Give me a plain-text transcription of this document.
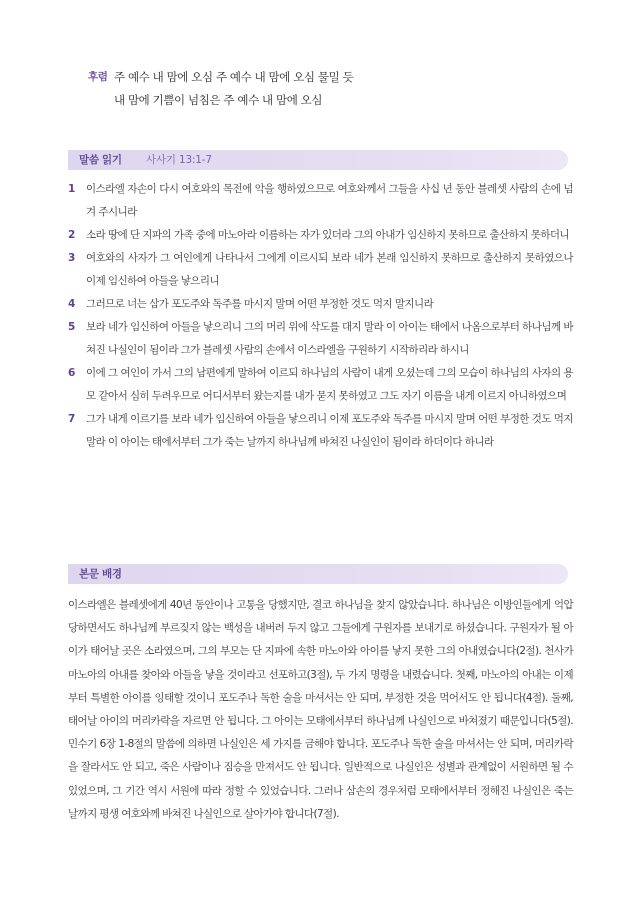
후렴 주 예수 내 맘에 오심 주 예수 내 맘에 오심 물밀 듯
내 맘에 기쁨이 넘침은 주 예수 내 맘에 오심
말씀 읽기 사사기 13:1-7
1	이스라엘 자손이 다시 여호와의 목전에 악을 행하였으므로 여호와께서 그들을 사십 년 동안 블레셋 사람의 손에 넘겨 주시니라
2	소라 땅에 단 지파의 가족 중에 마노아라 이름하는 자가 있더라 그의 아내가 임신하지 못하므로 출산하지 못하더니
3	여호와의 사자가 그 여인에게 나타나서 그에게 이르시되 보라 네가 본래 임신하지 못하므로 출산하지 못하였으나 이제 임신하여 아들을 낳으리니
4	그러므로 너는 삼가 포도주와 독주를 마시지 말며 어떤 부정한 것도 먹지 말지니라
5	보라 네가 임신하여 아들을 낳으리니 그의 머리 위에 삭도를 대지 말라 이 아이는 태에서 나옴으로부터 하나님께 바쳐진 나실인이 됨이라 그가 블레셋 사람의 손에서 이스라엘을 구원하기 시작하리라 하시니
6	이에 그 여인이 가서 그의 남편에게 말하여 이르되 하나님의 사람이 내게 오셨는데 그의 모습이 하나님의 사자의 용모 같아서 심히 두려우므로 어디서부터 왔는지를 내가 묻지 못하였고 그도 자기 이름을 내게 이르지 아니하였으며
7	그가 내게 이르기를 보라 네가 임신하여 아들을 낳으리니 이제 포도주와 독주를 마시지 말며 어떤 부정한 것도 먹지 말라 이 아이는 태에서부터 그가 죽는 날까지 하나님께 바쳐진 나실인이 됨이라 하더이다 하니라
본문 배경

이스라엘은 블레셋에게 40년 동안이나 고통을 당했지만, 결코 하나님을 찾지 않았습니다. 하나님은 이방인들에게 억압당하면서도 하나님께 부르짖지 않는 백성을 내버려 두지 않고 그들에게 구원자를 보내기로 하셨습니다. 구원자가 될 아이가 태어날 곳은 소라였으며, 그의 부모는 단 지파에 속한 마노아와 아이를 낳지 못한 그의 아내였습니다(2절). 천사가 마노아의 아내를 찾아와 아들을 낳을 것이라고 선포하고(3절), 두 가지 명령을 내렸습니다. 첫째, 마노아의 아내는 이제부터 특별한 아이를 잉태할 것이니 포도주나 독한 술을 마셔서는 안 되며, 부정한 것을 먹어서도 안 됩니다(4절). 둘째, 태어날 아이의 머리카락을 자르면 안 됩니다. 그 아이는 모태에서부터 하나님께 나실인으로 바쳐졌기 때문입니다(5절). 민수기 6장 1-8절의 말씀에 의하면 나실인은 세 가지를 금해야 합니다. 포도주나 독한 술을 마셔서는 안 되며, 머리카락을 잘라서도 안 되고, 죽은 사람이나 짐승을 만져서도 안 됩니다. 일반적으로 나실인은 성별과 관계없이 서원하면 될 수 있었으며, 그 기간 역시 서원에 따라 정할 수 있었습니다. 그러나 삼손의 경우처럼 모태에서부터 정해진 나실인은 죽는 날까지 평생 여호와께 바쳐진 나실인으로 살아가야 합니다(7절).
